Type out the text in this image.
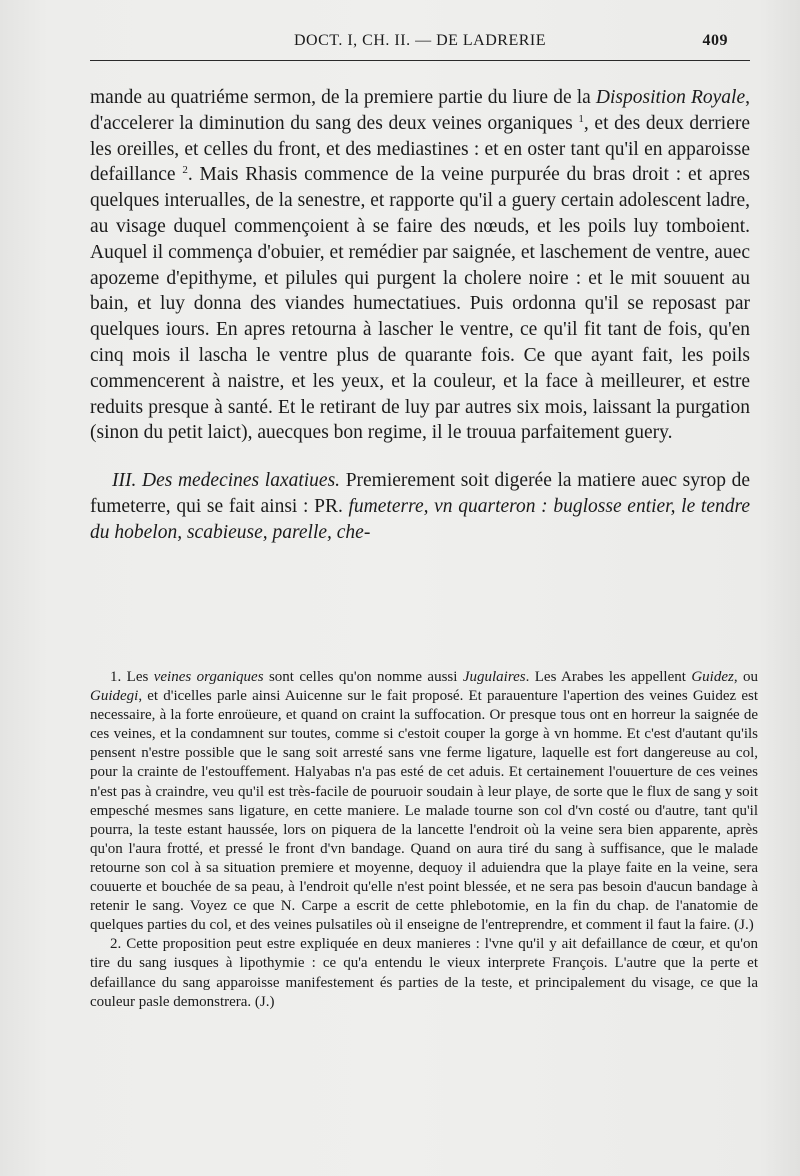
DOCT. I, CH. II. — DE LADRERIE	409

mande au quatriéme sermon, de la premiere partie du liure de la Disposition Royale, d'accelerer la diminution du sang des deux veines organiques $^1$, et des deux derriere les oreilles, et celles du front, et des mediastines : et en oster tant qu'il en apparoisse defaillance $^2$. Mais Rhasis commence de la veine purpurée du bras droit : et apres quelques interualles, de la senestre, et rapporte qu'il a guery certain adolescent ladre, au visage duquel commençoient à se faire des nœuds, et les poils luy tomboient. Auquel il commença d'obuier, et remédier par saignée, et laschement de ventre, auec apozeme d'epithyme, et pilules qui purgent la cholere noire : et le mit souuent au bain, et luy donna des viandes humectatiues. Puis ordonna qu'il se reposast par quelques iours. En apres retourna à lascher le ventre, ce qu'il fit tant de fois, qu'en cinq mois il lascha le ventre plus de quarante fois. Ce que ayant fait, les poils commencerent à naistre, et les yeux, et la couleur, et la face à meilleurer, et estre reduits presque à santé. Et le retirant de luy par autres six mois, laissant la purgation (sinon du petit laict), auecques bon regime, il le trouua parfaitement guery.

III. Des medecines laxatiues. Premierement soit digerée la matiere auec syrop de fumeterre, qui se fait ainsi : PR. fumeterre, vn quarteron : buglosse entier, le tendre du hobelon, scabieuse, parelle, che-

1. Les veines organiques sont celles qu'on nomme aussi Jugulaires. Les Arabes les appellent Guidez, ou Guidegi, et d'icelles parle ainsi Auicenne sur le fait proposé. Et parauenture l'apertion des veines Guidez est necessaire, à la forte enroüeure, et quand on craint la suffocation. Or presque tous ont en horreur la saignée de ces veines, et la condamnent sur toutes, comme si c'estoit couper la gorge à vn homme. Et c'est d'autant qu'ils pensent n'estre possible que le sang soit arresté sans vne ferme ligature, laquelle est fort dangereuse au col, pour la crainte de l'estouffement. Halyabas n'a pas esté de cet aduis. Et certainement l'ouuerture de ces veines n'est pas à craindre, veu qu'il est très-facile de pouruoir soudain à leur playe, de sorte que le flux de sang y soit empesché mesmes sans ligature, en cette maniere. Le malade tourne son col d'vn costé ou d'autre, tant qu'il pourra, la teste estant haussée, lors on piquera de la lancette l'endroit où la veine sera bien apparente, après qu'on l'aura frotté, et pressé le front d'vn bandage. Quand on aura tiré du sang à suffisance, que le malade retourne son col à sa situation premiere et moyenne, dequoy il aduiendra que la playe faite en la veine, sera couuerte et bouchée de sa peau, à l'endroit qu'elle n'est point blessée, et ne sera pas besoin d'aucun bandage à retenir le sang. Voyez ce que N. Carpe a escrit de cette phlebotomie, en la fin du chap. de l'anatomie de quelques parties du col, et des veines pulsatiles où il enseigne de l'entreprendre, et comment il faut la faire. (J.)

2. Cette proposition peut estre expliquée en deux manieres : l'vne qu'il y ait defaillance de cœur, et qu'on tire du sang iusques à lipothymie : ce qu'a entendu le vieux interprete François. L'autre que la perte et defaillance du sang apparoisse manifestement és parties de la teste, et principalement du visage, ce que la couleur pasle demonstrera. (J.)
